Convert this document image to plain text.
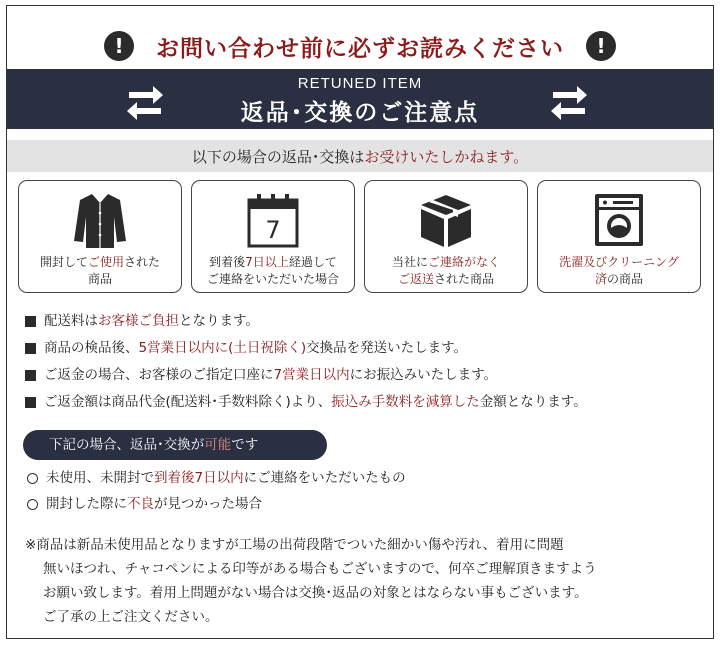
!	お問い合わせ前に必ずお読みください	!
RETUNED ITEM
返品･交換のご注意点
以下の場合の返品･交換は お受けいたしかねます。
開封してご使用された
商品
7
到着後7日以上経過して
ご連絡をいただいた場合
当社にご連絡がなく
ご返送された商品
洗濯及びクリーニング
済の商品
配送料はお客様ご負担となります。
商品の検品後、5営業日以内に(土日祝除く)交換品を発送いたします。
ご返金の場合、お客様のご指定口座に7営業日以内にお振込みいたします。
ご返金額は商品代金(配送料･手数料除く)より、振込み手数料を減算した金額となります。
下記の場合、返品･交換が可能です
未使用、未開封で到着後7日以内にご連絡をいただいたもの
開封した際に不良が見つかった場合
※商品は新品未使用品となりますが工場の出荷段階でついた細かい傷や汚れ、着用に問題
無いほつれ、チャコペンによる印等がある場合もございますので、何卒ご理解頂きますよう
お願い致します。着用上問題がない場合は交換･返品の対象とはならない事もございます。
ご了承の上ご注文ください。
